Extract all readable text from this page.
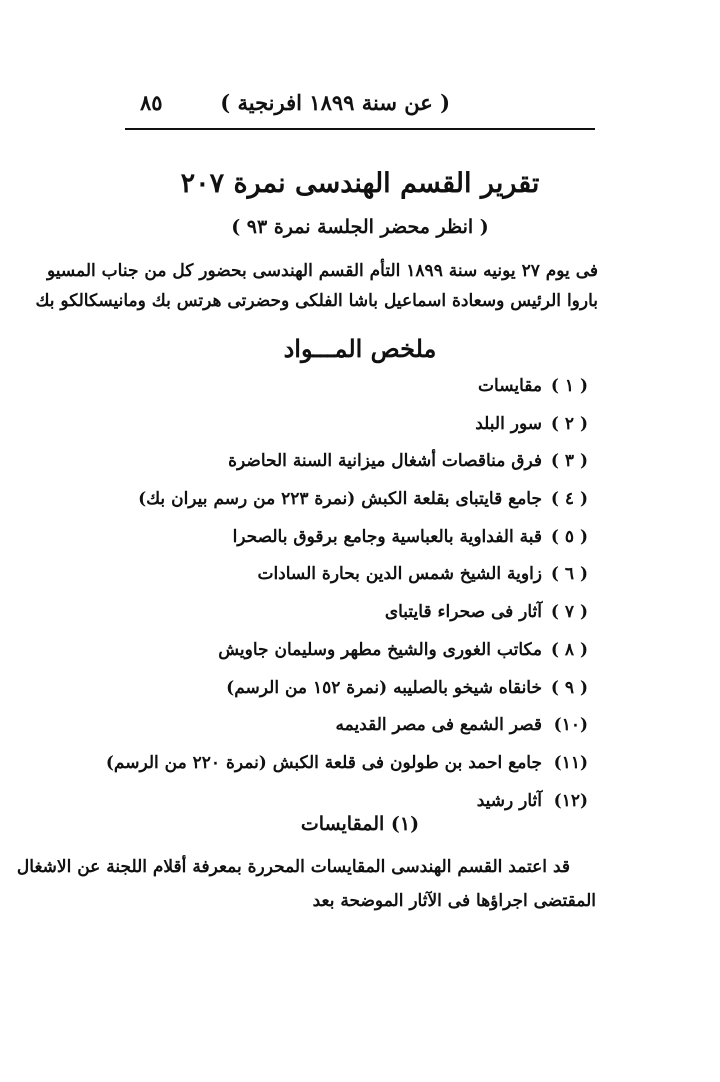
( عن سنة ١٨٩٩ افرنجية )
٨٥
تقرير القسم الهندسى نمرة ٢٠٧
( انظر محضر الجلسة نمرة ٩٣ )
فى يوم ٢٧ يونيه سنة ١٨٩٩ التأم القسم الهندسى بحضور كل من جناب المسيو
باروا الرئيس وسعادة اسماعيل باشا الفلكى وحضرتى هرتس بك ومانيسكالكو بك
ملخص المـــواد
( ١ )
مقايسات
( ٢ )
سور البلد
( ٣ )
فرق مناقصات أشغال ميزانية السنة الحاضرة
( ٤ )
جامع قايتباى بقلعة الكبش (نمرة ٢٢٣ من رسم بيران بك)
( ٥ )
قبة الفداوية بالعباسية وجامع برقوق بالصحرا
( ٦ )
زاوية الشيخ شمس الدين بحارة السادات
( ٧ )
آثار فى صحراء قايتباى
( ٨ )
مكاتب الغورى والشيخ مطهر وسليمان جاويش
( ٩ )
خانقاه شيخو بالصليبه (نمرة ١٥٢ من الرسم)
(١٠)
قصر الشمع فى مصر القديمه
(١١)
جامع احمد بن طولون فى قلعة الكبش (نمرة ٢٢٠ من الرسم)
(١٢)
آثار رشيد
(١) المقايسات
قد اعتمد القسم الهندسى المقايسات المحررة بمعرفة أقلام اللجنة عن الاشغال
المقتضى اجراؤها فى الآثار الموضحة بعد
